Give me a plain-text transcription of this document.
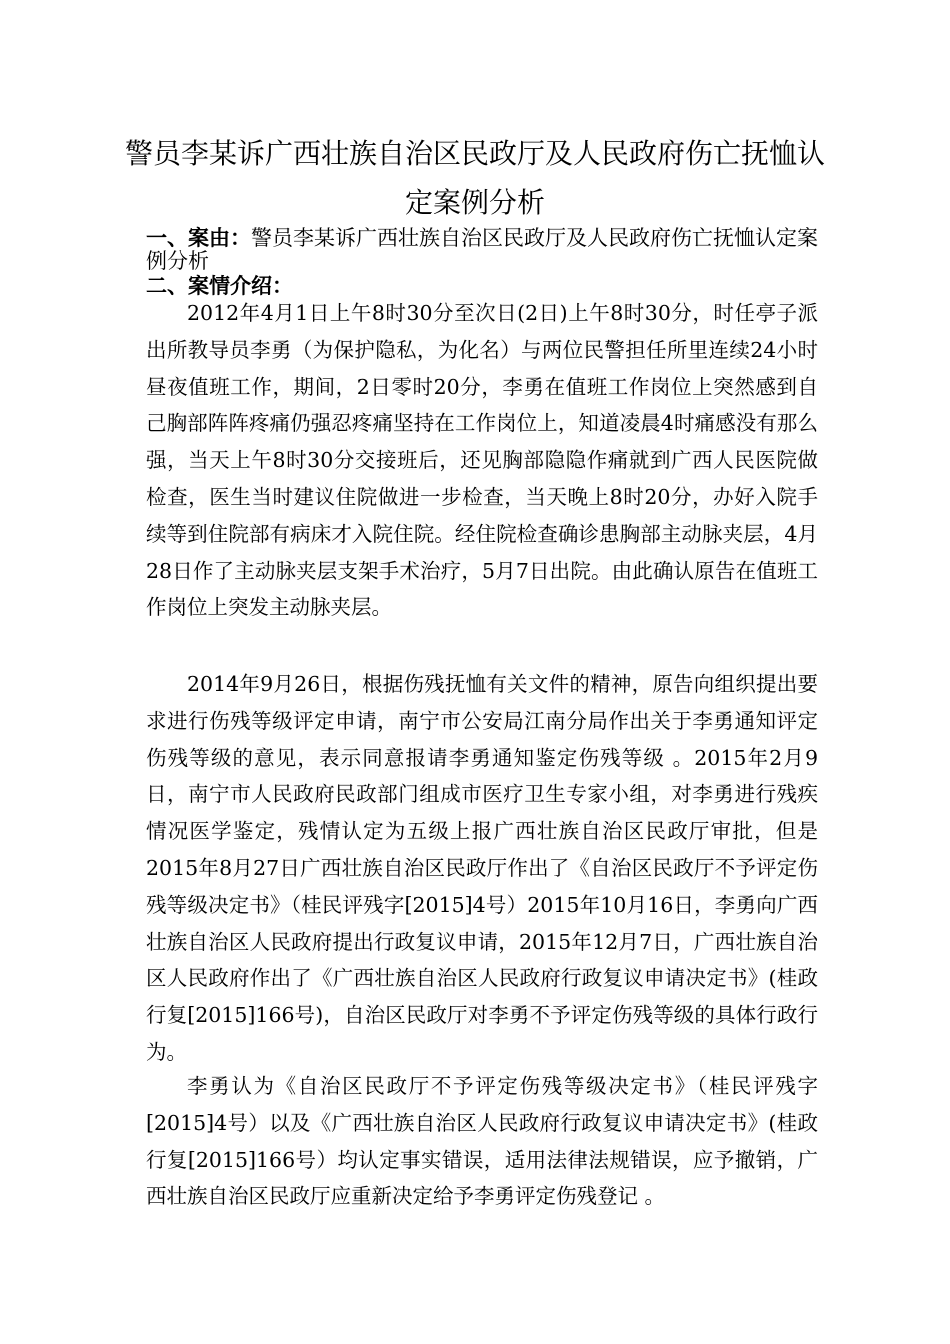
警员李某诉广西壮族自治区民政厅及人民政府伤亡抚恤认
定案例分析
一、案由：警员李某诉广西壮族自治区民政厅及人民政府伤亡抚恤认定案例分析
二、案情介绍：

2012年4月1日上午8时30分至次日(2日)上午8时30分，时任亭子派出所教导员李勇（为保护隐私，为化名）与两位民警担任所里连续24小时昼夜值班工作，期间，2日零时20分，李勇在值班工作岗位上突然感到自己胸部阵阵疼痛仍强忍疼痛坚持在工作岗位上，知道凌晨4时痛感没有那么强，当天上午8时30分交接班后，还见胸部隐隐作痛就到广西人民医院做检查，医生当时建议住院做进一步检查，当天晚上8时20分，办好入院手续等到住院部有病床才入院住院。经住院检查确诊患胸部主动脉夹层，4月28日作了主动脉夹层支架手术治疗，5月7日出院。由此确认原告在值班工作岗位上突发主动脉夹层。

2014年9月26日，根据伤残抚恤有关文件的精神，原告向组织提出要求进行伤残等级评定申请，南宁市公安局江南分局作出关于李勇通知评定伤残等级的意见，表示同意报请李勇通知鉴定伤残等级 。2015年2月9日，南宁市人民政府民政部门组成市医疗卫生专家小组，对李勇进行残疾情况医学鉴定，残情认定为五级上报广西壮族自治区民政厅审批，但是2015年8月27日广西壮族自治区民政厅作出了《自治区民政厅不予评定伤残等级决定书》（桂民评残字[2015]4号）2015年10月16日，李勇向广西壮族自治区人民政府提出行政复议申请，2015年12月7日，广西壮族自治区人民政府作出了《广西壮族自治区人民政府行政复议申请决定书》(桂政行复[2015]166号)，自治区民政厅对李勇不予评定伤残等级的具体行政行为。

李勇认为《自治区民政厅不予评定伤残等级决定书》（桂民评残字[2015]4号）以及《广西壮族自治区人民政府行政复议申请决定书》(桂政行复[2015]166号）均认定事实错误，适用法律法规错误，应予撤销，广西壮族自治区民政厅应重新决定给予李勇评定伤残登记 。
